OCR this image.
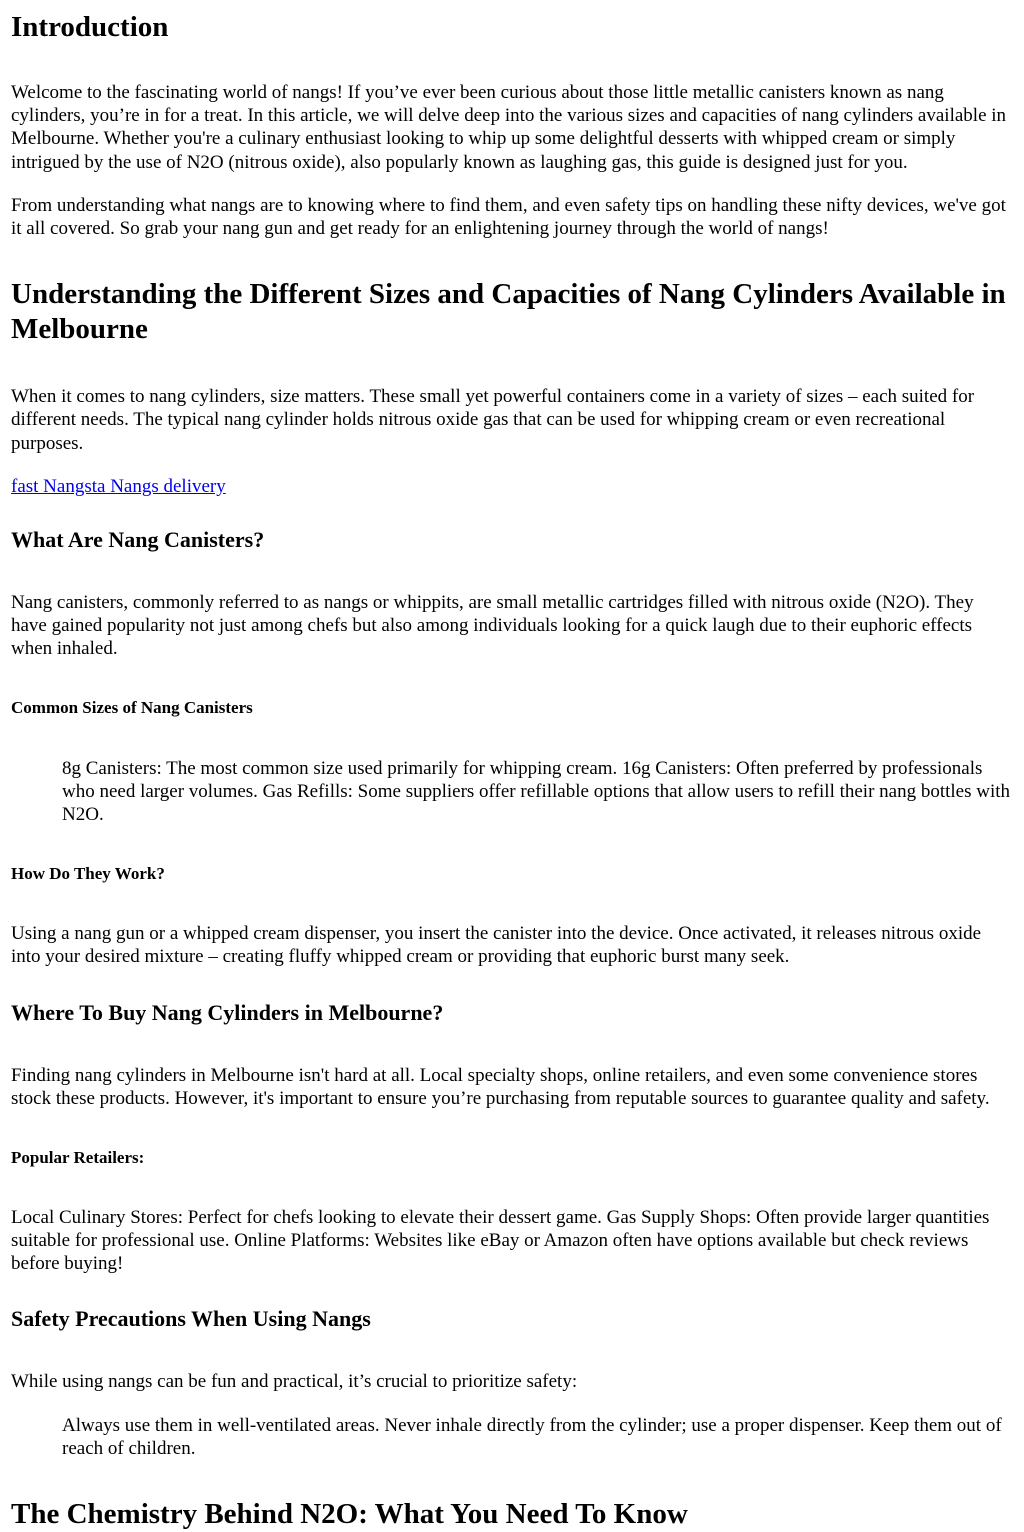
Introduction

Welcome to the fascinating world of nangs! If you’ve ever been curious about those little metallic canisters known as nang cylinders, you’re in for a treat. In this article, we will delve deep into the various sizes and capacities of nang cylinders available in Melbourne. Whether you're a culinary enthusiast looking to whip up some delightful desserts with whipped cream or simply intrigued by the use of N2O (nitrous oxide), also popularly known as laughing gas, this guide is designed just for you.

From understanding what nangs are to knowing where to find them, and even safety tips on handling these nifty devices, we've got it all covered. So grab your nang gun and get ready for an enlightening journey through the world of nangs!

Understanding the Different Sizes and Capacities of Nang Cylinders Available in Melbourne

When it comes to nang cylinders, size matters. These small yet powerful containers come in a variety of sizes – each suited for different needs. The typical nang cylinder holds nitrous oxide gas that can be used for whipping cream or even recreational purposes.

fast Nangsta Nangs delivery

What Are Nang Canisters?

Nang canisters, commonly referred to as nangs or whippits, are small metallic cartridges filled with nitrous oxide (N2O). They have gained popularity not just among chefs but also among individuals looking for a quick laugh due to their euphoric effects when inhaled.

Common Sizes of Nang Canisters

8g Canisters: The most common size used primarily for whipping cream. 16g Canisters: Often preferred by professionals who need larger volumes. Gas Refills: Some suppliers offer refillable options that allow users to refill their nang bottles with N2O.

How Do They Work?

Using a nang gun or a whipped cream dispenser, you insert the canister into the device. Once activated, it releases nitrous oxide into your desired mixture – creating fluffy whipped cream or providing that euphoric burst many seek.

Where To Buy Nang Cylinders in Melbourne?

Finding nang cylinders in Melbourne isn't hard at all. Local specialty shops, online retailers, and even some convenience stores stock these products. However, it's important to ensure you’re purchasing from reputable sources to guarantee quality and safety.

Popular Retailers:

Local Culinary Stores: Perfect for chefs looking to elevate their dessert game. Gas Supply Shops: Often provide larger quantities suitable for professional use. Online Platforms: Websites like eBay or Amazon often have options available but check reviews before buying!

Safety Precautions When Using Nangs

While using nangs can be fun and practical, it’s crucial to prioritize safety:

Always use them in well-ventilated areas. Never inhale directly from the cylinder; use a proper dispenser. Keep them out of reach of children.

The Chemistry Behind N2O: What You Need To Know
